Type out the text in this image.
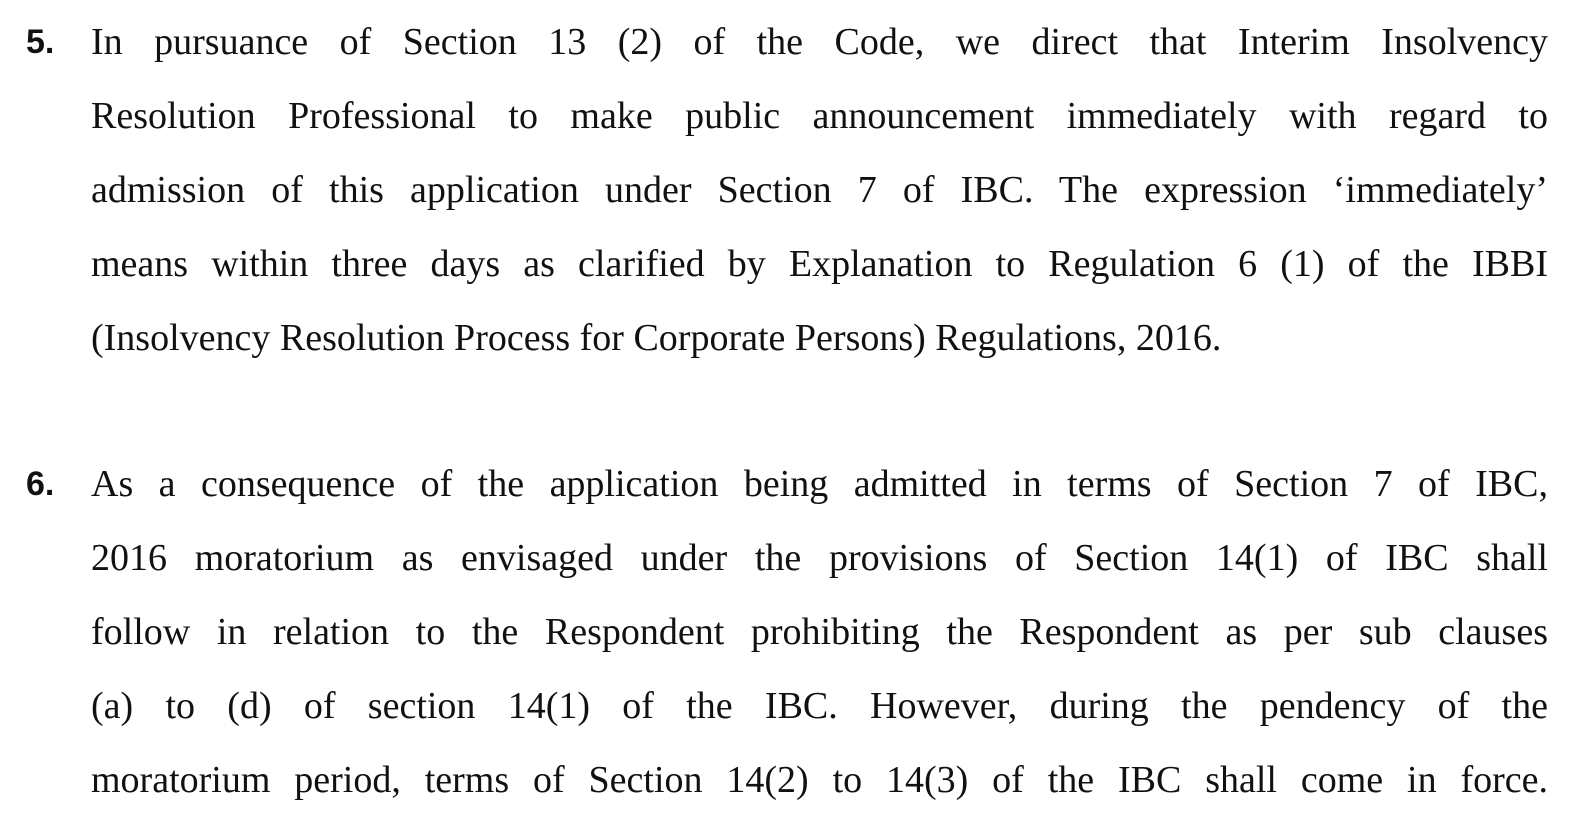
5. In pursuance of Section 13 (2) of the Code, we direct that Interim Insolvency
Resolution Professional to make public announcement immediately with regard to
admission of this application under Section 7 of IBC. The expression ‘immediately’
means within three days as clarified by Explanation to Regulation 6 (1) of the IBBI
(Insolvency Resolution Process for Corporate Persons) Regulations, 2016.
6. As a consequence of the application being admitted in terms of Section 7 of IBC,
2016 moratorium as envisaged under the provisions of Section 14(1) of IBC shall
follow in relation to the Respondent prohibiting the Respondent as per sub clauses
(a) to (d) of section 14(1) of the IBC. However, during the pendency of the
moratorium period, terms of Section 14(2) to 14(3) of the IBC shall come in force.
